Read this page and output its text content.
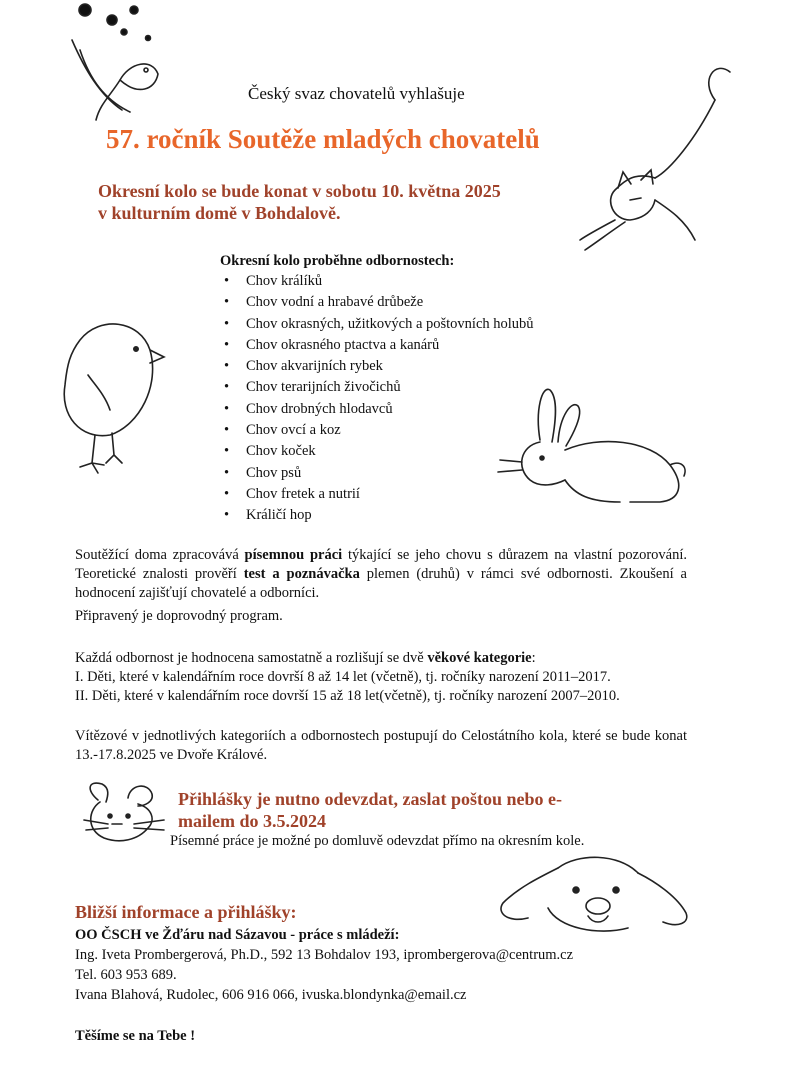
Český svaz chovatelů vyhlašuje
57. ročník Soutěže mladých chovatelů
Okresní kolo se bude konat v sobotu 10. května 2025
v kulturním domě v Bohdalově.
Okresní kolo proběhne odbornostech:
• Chov králíků
• Chov vodní a hrabavé drůbeže
• Chov okrasných, užitkových a poštovních holubů
• Chov okrasného ptactva a kanárů
• Chov akvarijních rybek
• Chov terarijních živočichů
• Chov drobných hlodavců
• Chov ovcí a koz
• Chov koček
• Chov psů
• Chov fretek a nutrií
• Králičí hop
Soutěžící doma zpracovává písemnou práci týkající se jeho chovu s důrazem na vlastní pozorování. Teoretické znalosti prověří test a poznávačka plemen (druhů) v rámci své odbornosti. Zkoušení a hodnocení zajišťují chovatelé a odborníci.
Připravený je doprovodný program.
Každá odbornost je hodnocena samostatně a rozlišují se dvě věkové kategorie:
I. Děti, které v kalendářním roce dovrší 8 až 14 let (včetně), tj. ročníky narození 2011–2017.
II. Děti, které v kalendářním roce dovrší 15 až 18 let(včetně), tj. ročníky narození 2007–2010.
Vítězové v jednotlivých kategoriích a odbornostech postupují do Celostátního kola, které se bude konat 13.-17.8.2025 ve Dvoře Králové.
Přihlášky je nutno odevzdat, zaslat poštou nebo e-
mailem do 3.5.2024
Písemné práce je možné po domluvě odevzdat přímo na okresním kole.
Bližší informace a přihlášky:
OO ČSCH ve Žďáru nad Sázavou - práce s mládeží:
Ing. Iveta Prombergerová, Ph.D., 592 13 Bohdalov 193, iprombergerova@centrum.cz
Tel. 603 953 689.
Ivana Blahová, Rudolec, 606 916 066, ivuska.blondynka@email.cz
Těšíme se na Tebe !
